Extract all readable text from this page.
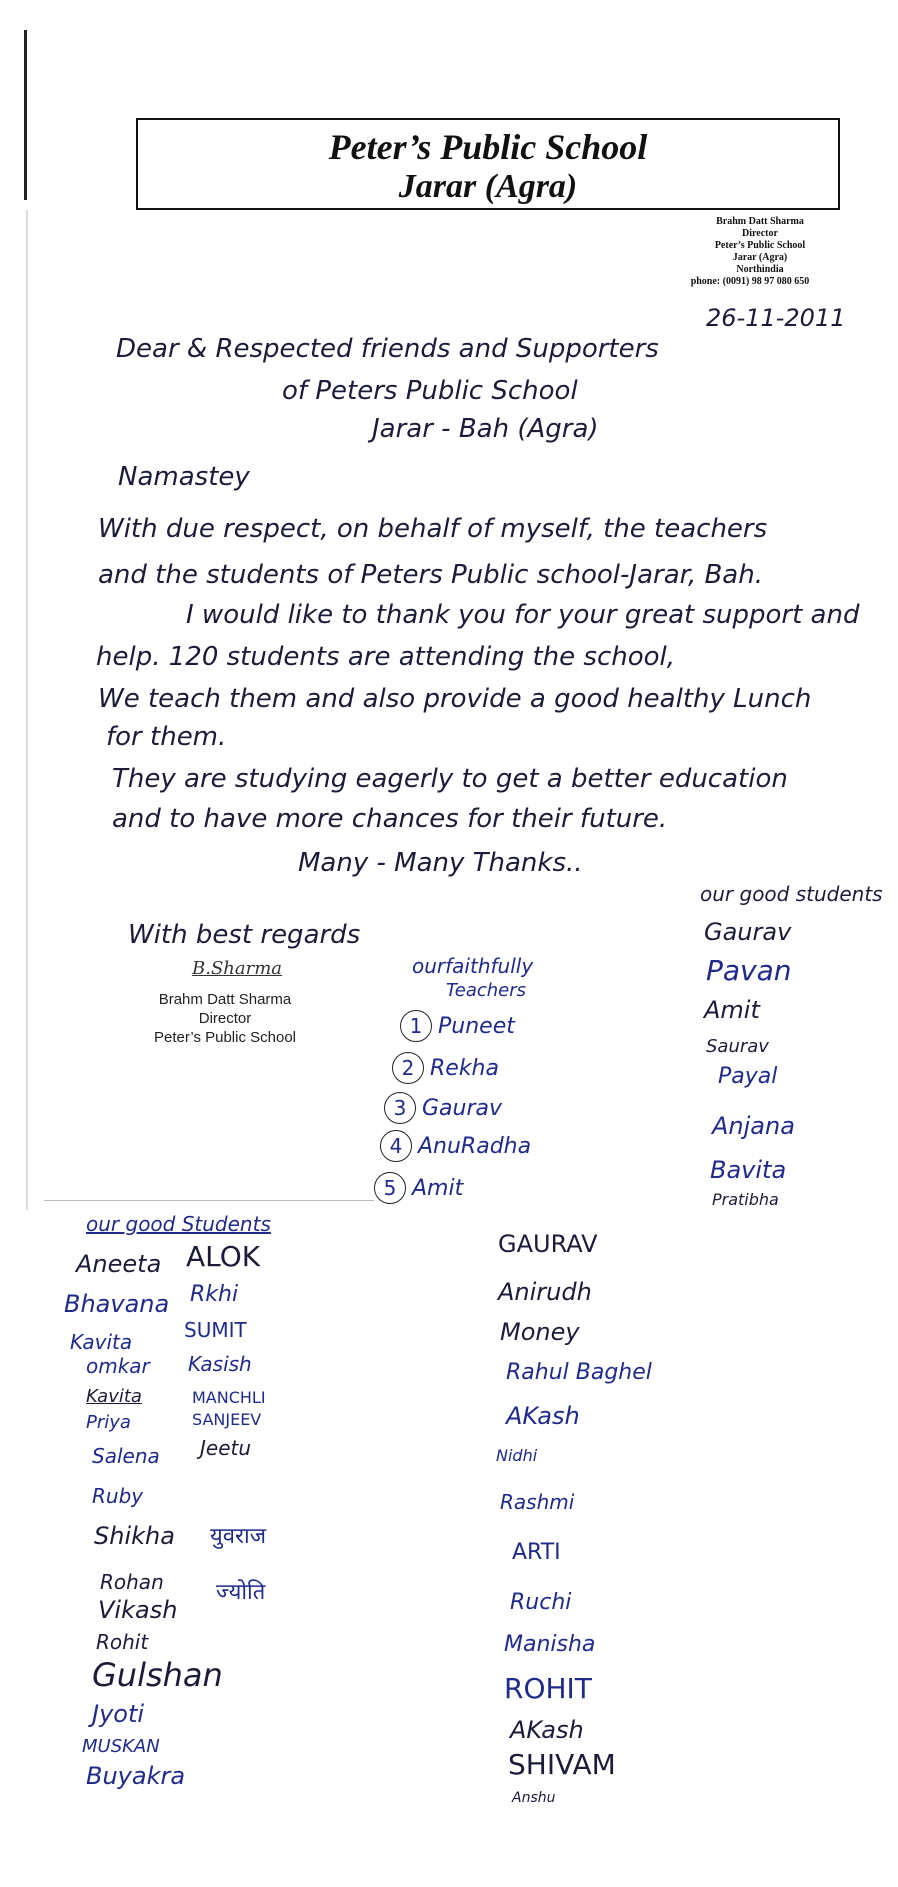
Peter’s Public School
Jarar (Agra)
Brahm Datt Sharma
Director
Peter’s Public School
Jarar (Agra)
Northindia
phone: (0091) 98 97 080 650
26-11-2011
Dear & Respected friends and Supporters
of Peters Public School
Jarar - Bah (Agra)
Namastey
With due respect, on behalf of myself, the teachers
and the students of Peters Public school-Jarar, Bah.
I would like to thank you for your great support and
help. 120 students are attending the school,
We teach them and also provide a good healthy Lunch
for them.
They are studying eagerly to get a better education
and to have more chances for their future.
Many - Many Thanks..
With best regards
B.Sharma
Brahm Datt Sharma
Director
Peter’s Public School
ourfaithfully
Teachers
1 Puneet
2 Rekha
3 Gaurav
4 AnuRadha
5 Amit
our good students
Gaurav
Pavan
Amit
Saurav
Payal
Anjana
Bavita
Pratibha
our good Students
Aneeta
Bhavana
Kavita
omkar
Kavita
Priya
Salena
Ruby
Shikha
Rohan
Vikash
Rohit
Gulshan
Jyoti
MUSKAN
Buyakra
ALOK
Rkhi
SUMIT
Kasish
MANCHLI
SANJEEV
Jeetu
युवराज
ज्योति
GAURAV
Anirudh
Money
Rahul Baghel
AKash
Nidhi
Rashmi
ARTI
Ruchi
Manisha
ROHIT
AKash
SHIVAM
Anshu
